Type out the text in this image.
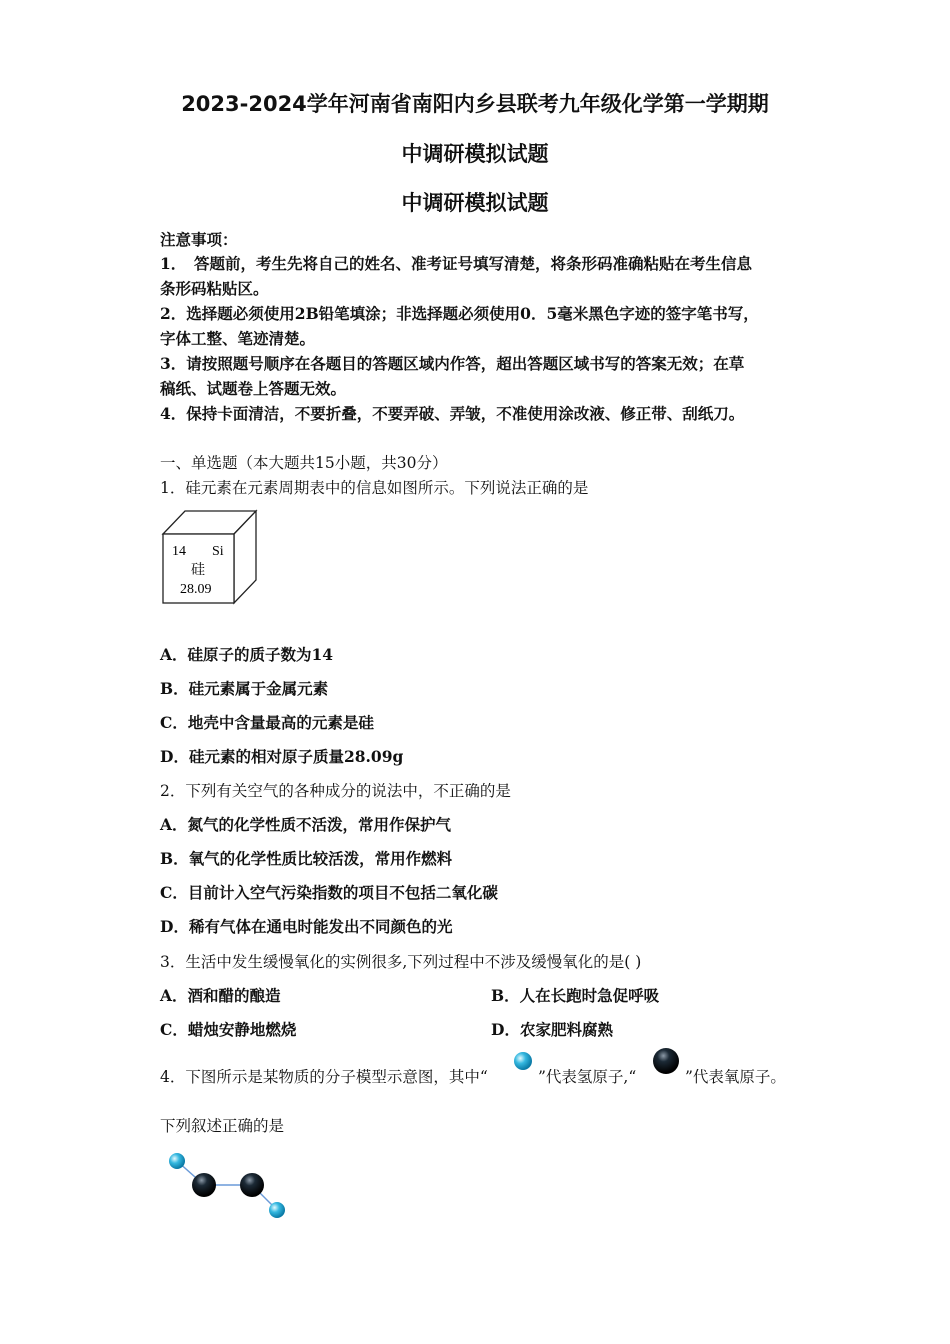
2023-2024学年河南省南阳内乡县联考九年级化学第一学期期
中调研模拟试题
中调研模拟试题
注意事项：
1．　答题前，考生先将自己的姓名、准考证号填写清楚，将条形码准确粘贴在考生信息
条形码粘贴区。
2．选择题必须使用2B铅笔填涂；非选择题必须使用0．5毫米黑色字迹的签字笔书写，
字体工整、笔迹清楚。
3．请按照题号顺序在各题目的答题区域内作答，超出答题区域书写的答案无效；在草
稿纸、试题卷上答题无效。
4．保持卡面清洁，不要折叠，不要弄破、弄皱，不准使用涂改液、修正带、刮纸刀。
一、单选题（本大题共15小题，共30分）
1．硅元素在元素周期表中的信息如图所示。下列说法正确的是
14 Si
硅
28.09
A．硅原子的质子数为14
B．硅元素属于金属元素
C．地壳中含量最高的元素是硅
D．硅元素的相对原子质量28.09g
2．下列有关空气的各种成分的说法中，不正确的是
A．氮气的化学性质不活泼，常用作保护气
B．氧气的化学性质比较活泼，常用作燃料
C．目前计入空气污染指数的项目不包括二氧化碳
D．稀有气体在通电时能发出不同颜色的光
3．生活中发生缓慢氧化的实例很多,下列过程中不涉及缓慢氧化的是( )
A．酒和醋的酿造	B．人在长跑时急促呼吸
C．蜡烛安静地燃烧	D．农家肥料腐熟
4．下图所示是某物质的分子模型示意图，其中“	”代表氢原子,“	”代表氧原子。
下列叙述正确的是
